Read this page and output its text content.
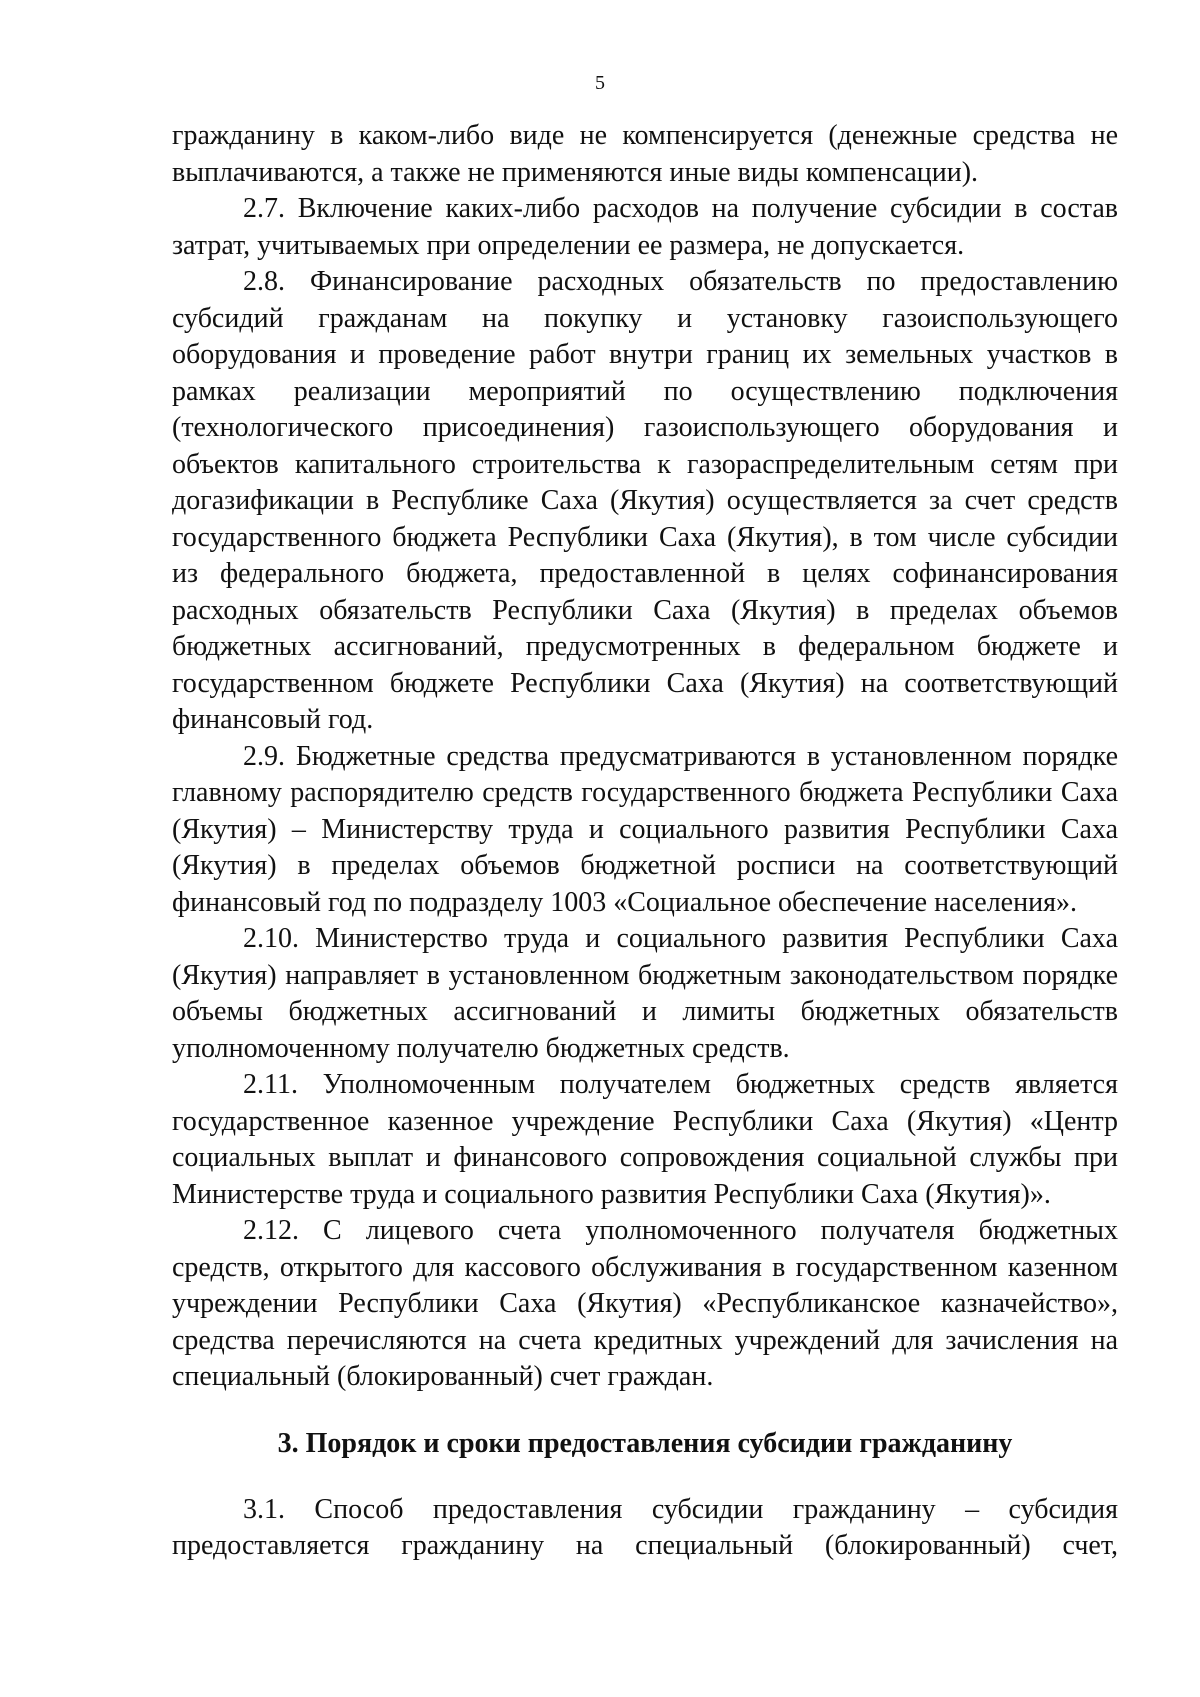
5

гражданину в каком-либо виде не компенсируется (денежные средства не выплачиваются, а также не применяются иные виды компенсации).

2.7. Включение каких-либо расходов на получение субсидии в состав затрат, учитываемых при определении ее размера, не допускается.

2.8. Финансирование расходных обязательств по предоставлению субсидий гражданам на покупку и установку газоиспользующего оборудования и проведение работ внутри границ их земельных участков в рамках реализации мероприятий по осуществлению подключения (технологического присоединения) газоиспользующего оборудования и объектов капитального строительства к газораспределительным сетям при догазификации в Республике Саха (Якутия) осуществляется за счет средств государственного бюджета Республики Саха (Якутия), в том числе субсидии из федерального бюджета, предоставленной в целях софинансирования расходных обязательств Республики Саха (Якутия) в пределах объемов бюджетных ассигнований, предусмотренных в федеральном бюджете и государственном бюджете Республики Саха (Якутия) на соответствующий финансовый год.

2.9. Бюджетные средства предусматриваются в установленном порядке главному распорядителю средств государственного бюджета Республики Саха (Якутия) – Министерству труда и социального развития Республики Саха (Якутия) в пределах объемов бюджетной росписи на соответствующий финансовый год по подразделу 1003 «Социальное обеспечение населения».

2.10. Министерство труда и социального развития Республики Саха (Якутия) направляет в установленном бюджетным законодательством порядке объемы бюджетных ассигнований и лимиты бюджетных обязательств уполномоченному получателю бюджетных средств.

2.11. Уполномоченным получателем бюджетных средств является государственное казенное учреждение Республики Саха (Якутия) «Центр социальных выплат и финансового сопровождения социальной службы при Министерстве труда и социального развития Республики Саха (Якутия)».

2.12. С лицевого счета уполномоченного получателя бюджетных средств, открытого для кассового обслуживания в государственном казенном учреждении Республики Саха (Якутия) «Республиканское казначейство», средства перечисляются на счета кредитных учреждений для зачисления на специальный (блокированный) счет граждан.

3. Порядок и сроки предоставления субсидии гражданину

3.1. Способ предоставления субсидии гражданину – субсидия предоставляется гражданину на специальный (блокированный) счет,
